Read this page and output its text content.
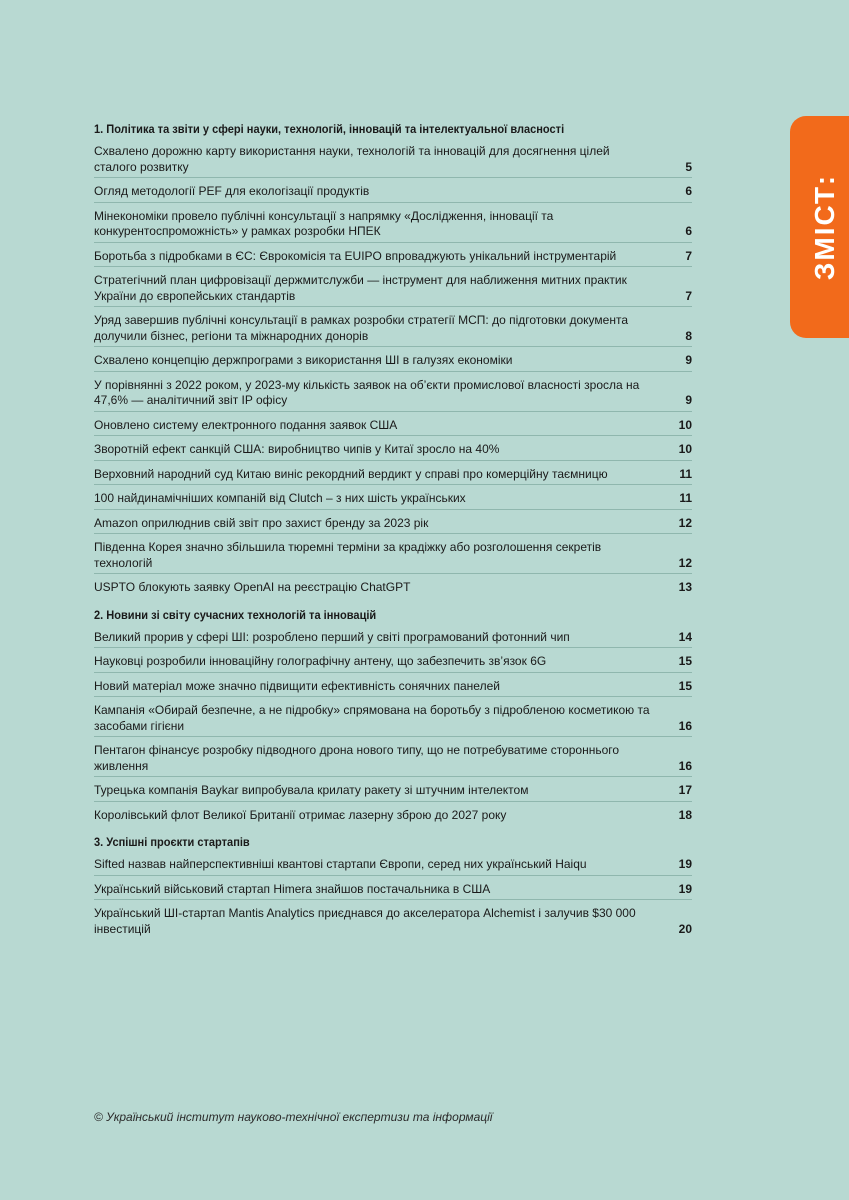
ЗМІСТ:
1. Політика та звіти у сфері науки, технологій, інновацій та інтелектуальної власності
Схвалено дорожню карту використання науки, технологій та інновацій для досягнення цілей сталого розвитку	5
Огляд методології PEF для екологізації продуктів	6
Мінекономіки провело публічні консультації з напрямку «Дослідження, інновації та конкурентоспроможність» у рамках розробки НПЕК	6
Боротьба з підробками в ЄС: Єврокомісія та EUIPO впроваджують унікальний інструментарій	7
Стратегічний план цифровізації держмитслужби — інструмент для наближення митних практик України до європейських стандартів	7
Уряд завершив публічні консультації в рамках розробки стратегії МСП: до підготовки документа долучили бізнес, регіони та міжнародних донорів	8
Схвалено концепцію держпрограми з використання ШІ в галузях економіки	9
У порівнянні з 2022 роком, у 2023-му кількість заявок на об’єкти промислової власності зросла на 47,6% — аналітичний звіт IP офісу	9
Оновлено систему електронного подання заявок США	10
Зворотній ефект санкцій США: виробництво чипів у Китаї зросло на 40%	10
Верховний народний суд Китаю виніс рекордний вердикт у справі про комерційну таємницю	11
100 найдинамічніших компаній від Clutch – з них шість українських	11
Amazon оприлюднив свій звіт про захист бренду за 2023 рік	12
Південна Корея значно збільшила тюремні терміни за крадіжку або розголошення секретів технологій	12
USPTO блокують заявку OpenAI на реєстрацію ChatGPT	13
2. Новини зі світу сучасних технологій та інновацій
Великий прорив у сфері ШІ: розроблено перший у світі програмований фотонний чип	14
Науковці розробили інноваційну голографічну антену, що забезпечить зв’язок 6G	15
Новий матеріал може значно підвищити ефективність сонячних панелей	15
Кампанія «Обирай безпечне, а не підробку» спрямована на боротьбу з підробленою косметикою та засобами гігієни	16
Пентагон фінансує розробку підводного дрона нового типу, що не потребуватиме стороннього живлення	16
Турецька компанія Baykar випробувала крилату ракету зі штучним інтелектом	17
Королівський флот Великої Британії отримає лазерну зброю до 2027 року	18
3. Успішні проєкти стартапів
Sifted назвав найперспективніші квантові стартапи Європи, серед них український Haiqu	19
Український військовий стартап Himera знайшов постачальника в США	19
Український ШІ-стартап Mantis Analytics приєднався до акселератора Alchemist і залучив $30 000 інвестицій	20
© Український інститут науково-технічної експертизи та інформації
